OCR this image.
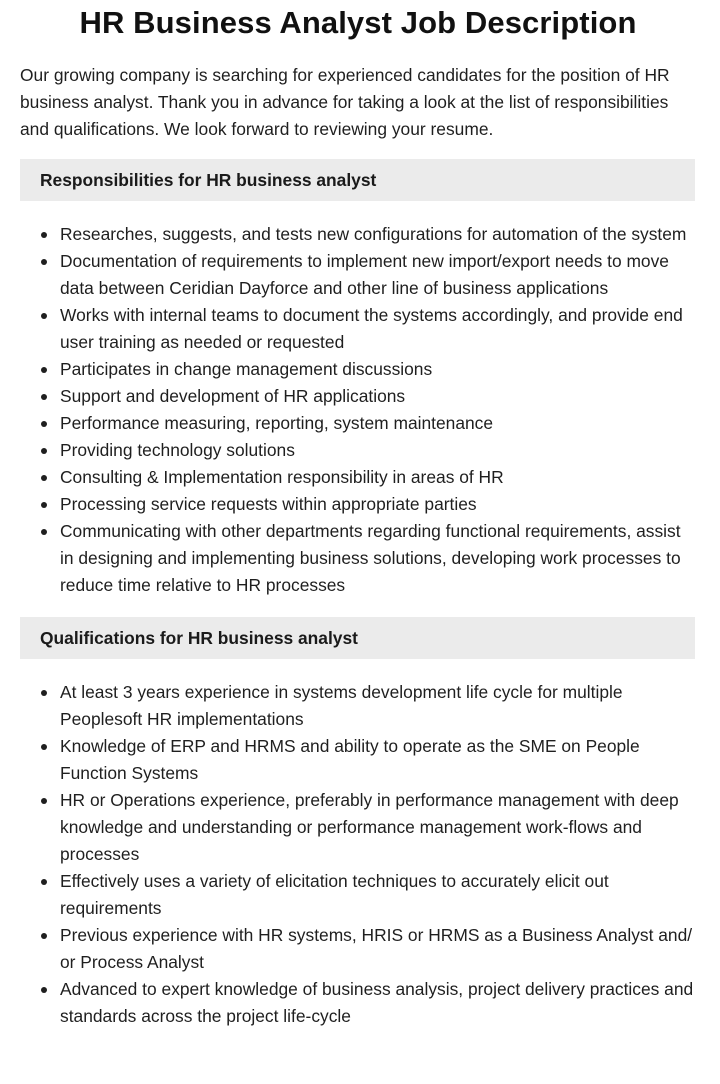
HR Business Analyst Job Description

Our growing company is searching for experienced candidates for the position of HR business analyst. Thank you in advance for taking a look at the list of responsibilities and qualifications. We look forward to reviewing your resume.

Responsibilities for HR business analyst
Researches, suggests, and tests new configurations for automation of the system
Documentation of requirements to implement new import/export needs to move data between Ceridian Dayforce and other line of business applications
Works with internal teams to document the systems accordingly, and provide end user training as needed or requested
Participates in change management discussions
Support and development of HR applications
Performance measuring, reporting, system maintenance
Providing technology solutions
Consulting & Implementation responsibility in areas of HR
Processing service requests within appropriate parties
Communicating with other departments regarding functional requirements, assist in designing and implementing business solutions, developing work processes to reduce time relative to HR processes
Qualifications for HR business analyst
At least 3 years experience in systems development life cycle for multiple Peoplesoft HR implementations
Knowledge of ERP and HRMS and ability to operate as the SME on People Function Systems
HR or Operations experience, preferably in performance management with deep knowledge and understanding or performance management work-flows and processes
Effectively uses a variety of elicitation techniques to accurately elicit out requirements
Previous experience with HR systems, HRIS or HRMS as a Business Analyst and/ or Process Analyst
Advanced to expert knowledge of business analysis, project delivery practices and standards across the project life-cycle
